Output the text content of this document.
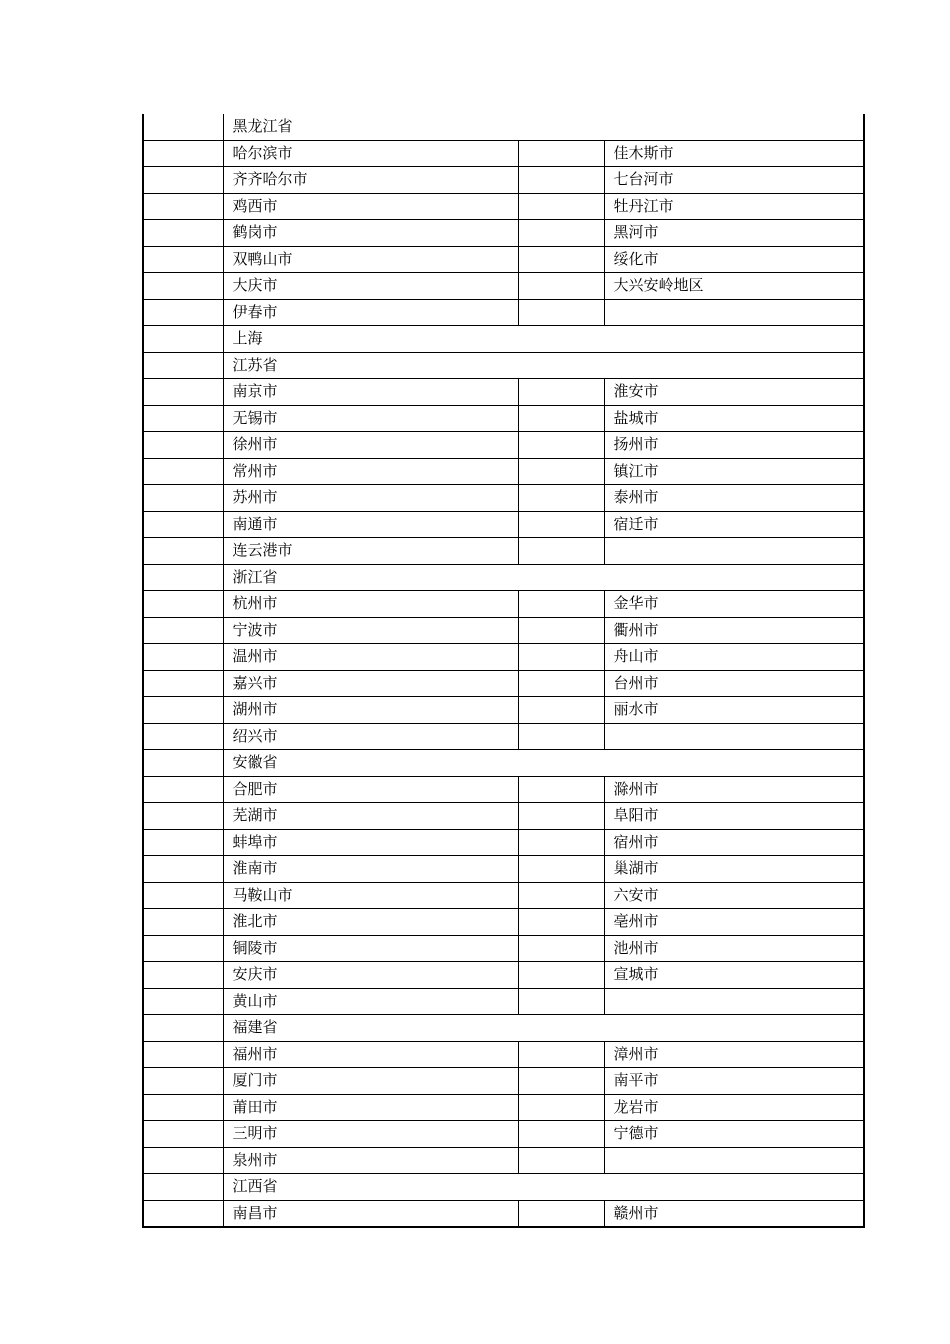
	黑龙江省		
	哈尔滨市		佳木斯市
	齐齐哈尔市		七台河市
	鸡西市		牡丹江市
	鹤岗市		黑河市
	双鸭山市		绥化市
	大庆市		大兴安岭地区
	伊春市		
	上海		
	江苏省		
	南京市		淮安市
	无锡市		盐城市
	徐州市		扬州市
	常州市		镇江市
	苏州市		泰州市
	南通市		宿迁市
	连云港市		
	浙江省		
	杭州市		金华市
	宁波市		衢州市
	温州市		舟山市
	嘉兴市		台州市
	湖州市		丽水市
	绍兴市		
	安徽省		
	合肥市		滁州市
	芜湖市		阜阳市
	蚌埠市		宿州市
	淮南市		巢湖市
	马鞍山市		六安市
	淮北市		亳州市
	铜陵市		池州市
	安庆市		宣城市
	黄山市		
	福建省		
	福州市		漳州市
	厦门市		南平市
	莆田市		龙岩市
	三明市		宁德市
	泉州市		
	江西省		
	南昌市		赣州市
